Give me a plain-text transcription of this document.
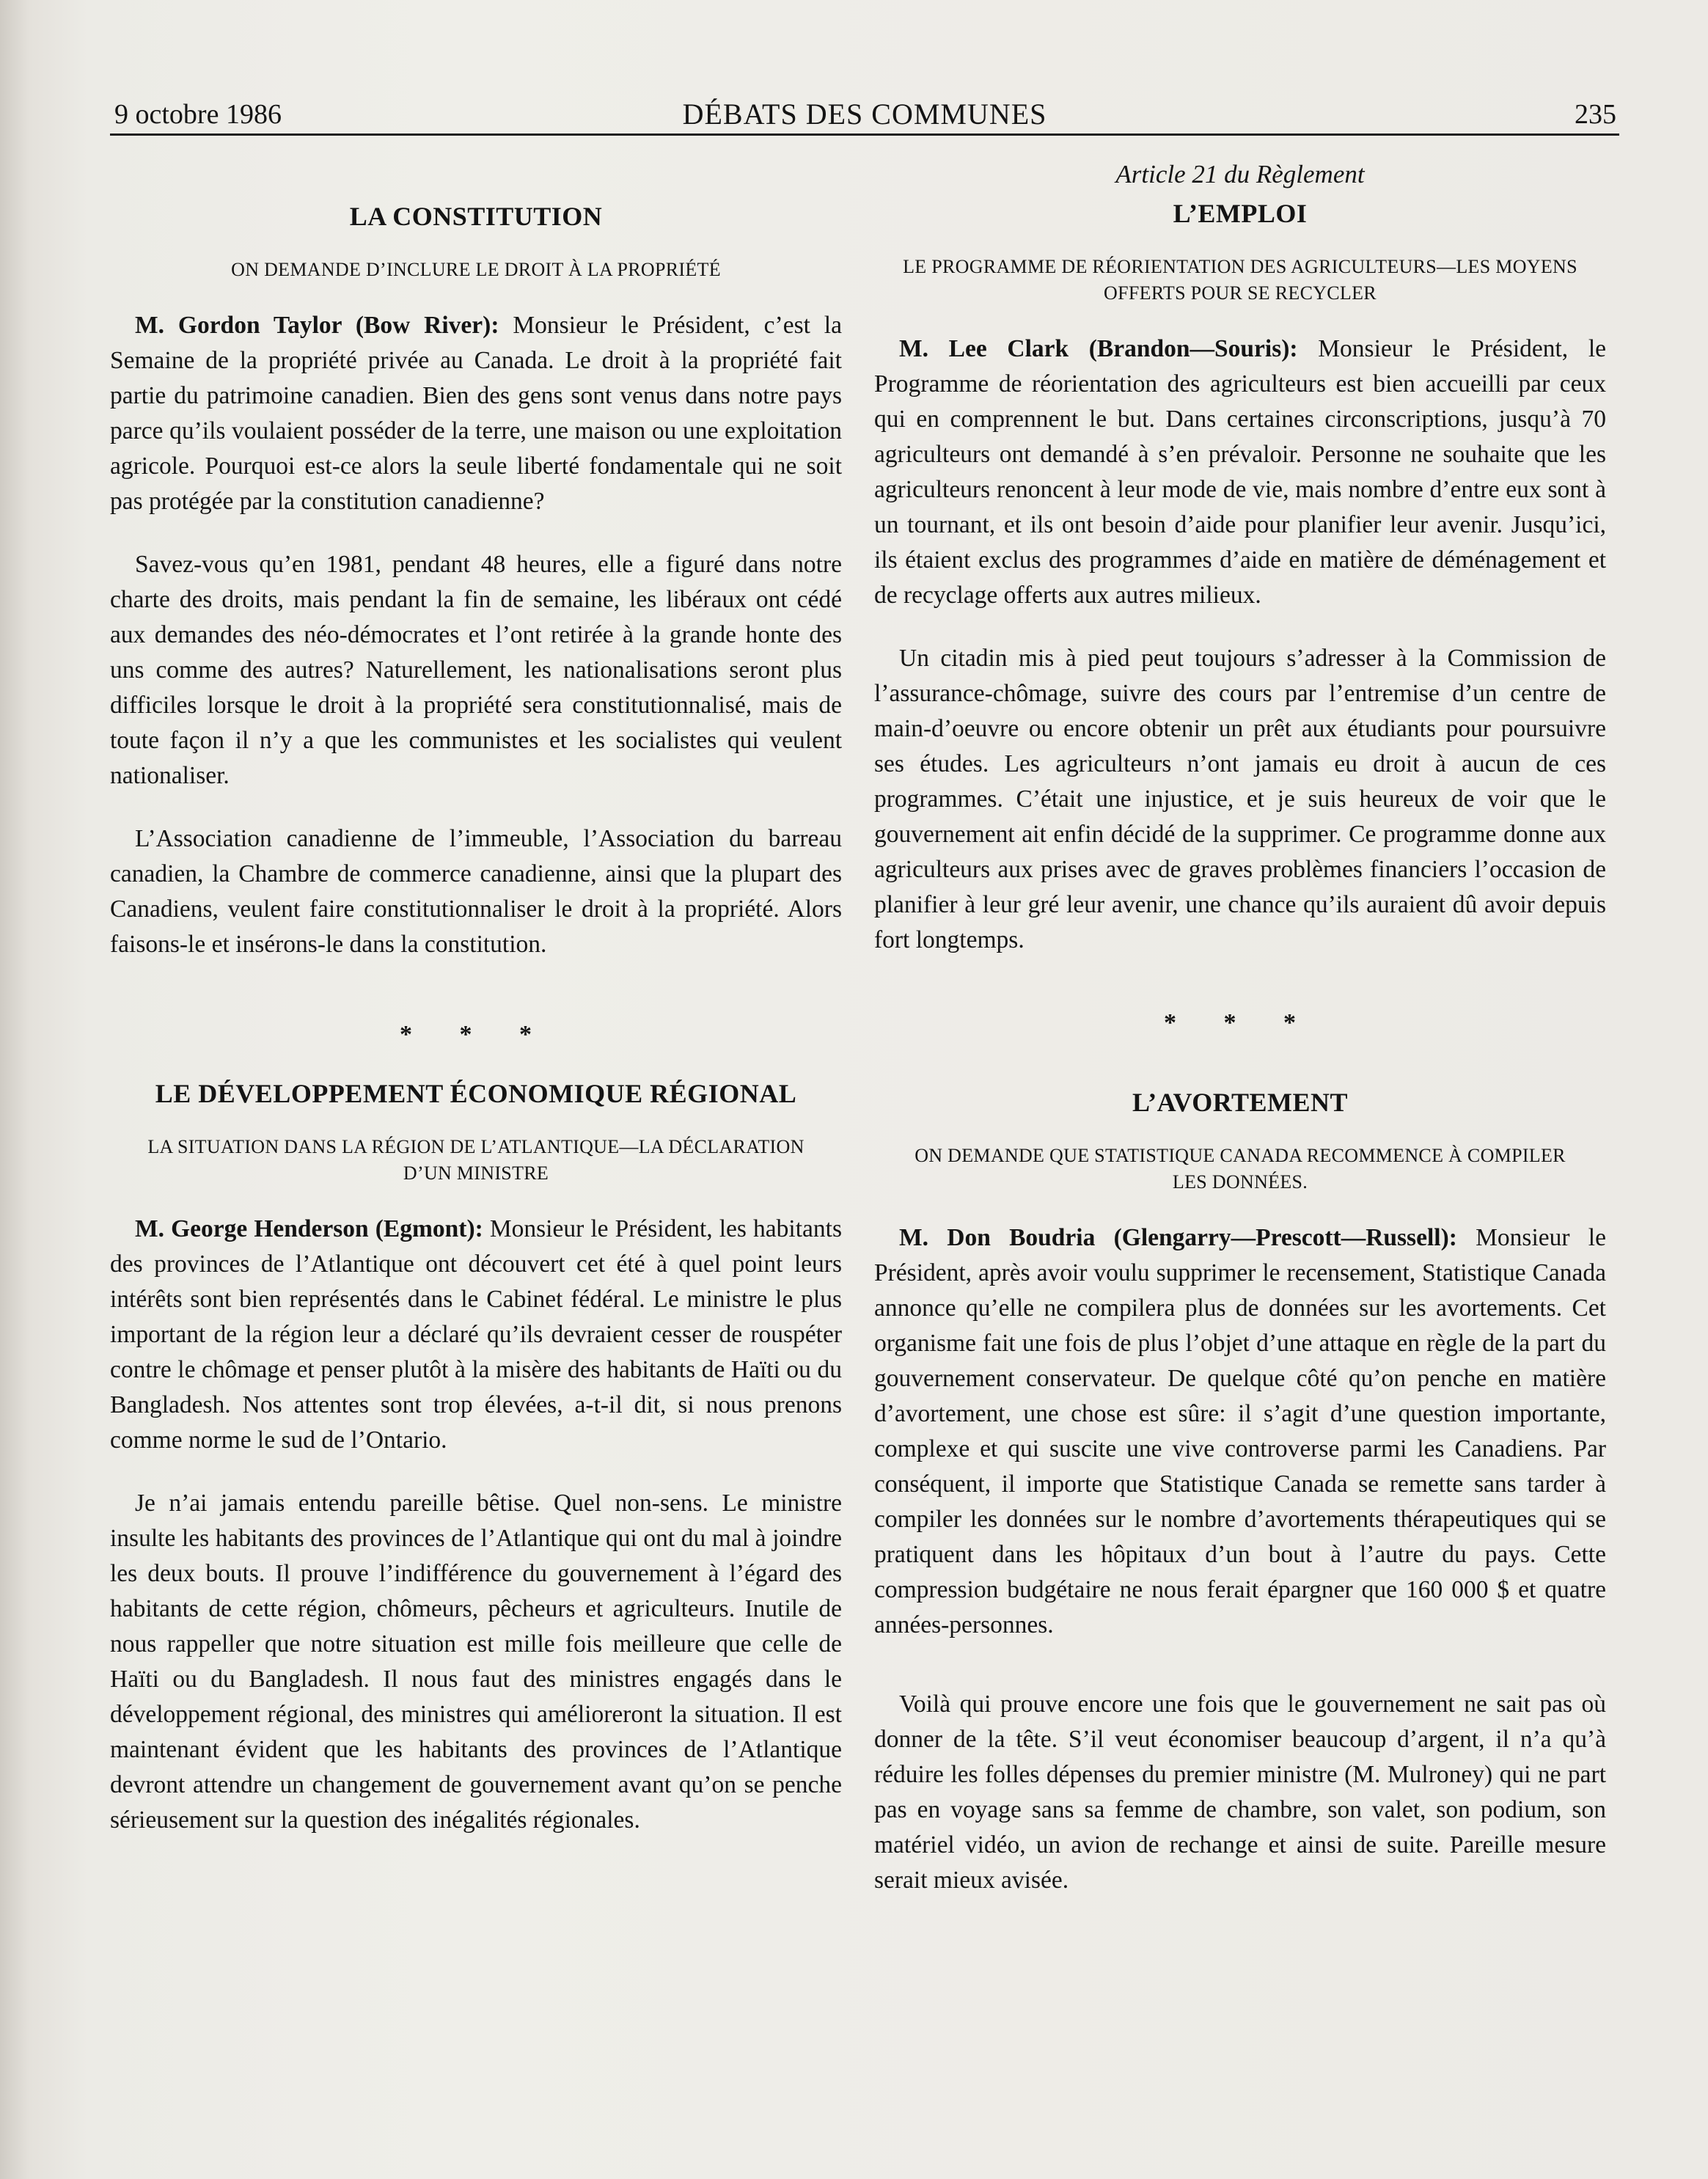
9 octobre 1986	DÉBATS DES COMMUNES	235
LA CONSTITUTION
ON DEMANDE D’INCLURE LE DROIT À LA PROPRIÉTÉ

M. Gordon Taylor (Bow River): Monsieur le Président, c’est la Semaine de la propriété privée au Canada. Le droit à la propriété fait partie du patrimoine canadien. Bien des gens sont venus dans notre pays parce qu’ils voulaient posséder de la terre, une maison ou une exploitation agricole. Pourquoi est-ce alors la seule liberté fondamentale qui ne soit pas protégée par la constitution canadienne?

Savez-vous qu’en 1981, pendant 48 heures, elle a figuré dans notre charte des droits, mais pendant la fin de semaine, les libéraux ont cédé aux demandes des néo-démocrates et l’ont retirée à la grande honte des uns comme des autres? Naturellement, les nationalisations seront plus difficiles lorsque le droit à la propriété sera constitutionnalisé, mais de toute façon il n’y a que les communistes et les socialistes qui veulent nationaliser.

L’Association canadienne de l’immeuble, l’Association du barreau canadien, la Chambre de commerce canadienne, ainsi que la plupart des Canadiens, veulent faire constitutionnaliser le droit à la propriété. Alors faisons-le et insérons-le dans la constitution.

* * *
LE DÉVELOPPEMENT ÉCONOMIQUE RÉGIONAL
LA SITUATION DANS LA RÉGION DE L’ATLANTIQUE—LA DÉCLARATION D’UN MINISTRE

M. George Henderson (Egmont): Monsieur le Président, les habitants des provinces de l’Atlantique ont découvert cet été à quel point leurs intérêts sont bien représentés dans le Cabinet fédéral. Le ministre le plus important de la région leur a déclaré qu’ils devraient cesser de rouspéter contre le chômage et penser plutôt à la misère des habitants de Haïti ou du Bangladesh. Nos attentes sont trop élevées, a-t-il dit, si nous prenons comme norme le sud de l’Ontario.

Je n’ai jamais entendu pareille bêtise. Quel non-sens. Le ministre insulte les habitants des provinces de l’Atlantique qui ont du mal à joindre les deux bouts. Il prouve l’indifférence du gouvernement à l’égard des habitants de cette région, chômeurs, pêcheurs et agriculteurs. Inutile de nous rappeller que notre situation est mille fois meilleure que celle de Haïti ou du Bangladesh. Il nous faut des ministres engagés dans le développement régional, des ministres qui amélioreront la situation. Il est maintenant évident que les habitants des provinces de l’Atlantique devront attendre un changement de gouvernement avant qu’on se penche sérieusement sur la question des inégalités régionales.

Article 21 du Règlement
L’EMPLOI
LE PROGRAMME DE RÉORIENTATION DES AGRICULTEURS—LES MOYENS OFFERTS POUR SE RECYCLER

M. Lee Clark (Brandon—Souris): Monsieur le Président, le Programme de réorientation des agriculteurs est bien accueilli par ceux qui en comprennent le but. Dans certaines circonscriptions, jusqu’à 70 agriculteurs ont demandé à s’en prévaloir. Personne ne souhaite que les agriculteurs renoncent à leur mode de vie, mais nombre d’entre eux sont à un tournant, et ils ont besoin d’aide pour planifier leur avenir. Jusqu’ici, ils étaient exclus des programmes d’aide en matière de déménagement et de recyclage offerts aux autres milieux.

Un citadin mis à pied peut toujours s’adresser à la Commission de l’assurance-chômage, suivre des cours par l’entremise d’un centre de main-d’oeuvre ou encore obtenir un prêt aux étudiants pour poursuivre ses études. Les agriculteurs n’ont jamais eu droit à aucun de ces programmes. C’était une injustice, et je suis heureux de voir que le gouvernement ait enfin décidé de la supprimer. Ce programme donne aux agriculteurs aux prises avec de graves problèmes financiers l’occasion de planifier à leur gré leur avenir, une chance qu’ils auraient dû avoir depuis fort longtemps.

* * *
L’AVORTEMENT
ON DEMANDE QUE STATISTIQUE CANADA RECOMMENCE À COMPILER LES DONNÉES.

M. Don Boudria (Glengarry—Prescott—Russell): Monsieur le Président, après avoir voulu supprimer le recensement, Statistique Canada annonce qu’elle ne compilera plus de données sur les avortements. Cet organisme fait une fois de plus l’objet d’une attaque en règle de la part du gouvernement conservateur. De quelque côté qu’on penche en matière d’avortement, une chose est sûre: il s’agit d’une question importante, complexe et qui suscite une vive controverse parmi les Canadiens. Par conséquent, il importe que Statistique Canada se remette sans tarder à compiler les données sur le nombre d’avortements thérapeutiques qui se pratiquent dans les hôpitaux d’un bout à l’autre du pays. Cette compression budgétaire ne nous ferait épargner que 160 000 $ et quatre années-personnes.

Voilà qui prouve encore une fois que le gouvernement ne sait pas où donner de la tête. S’il veut économiser beaucoup d’argent, il n’a qu’à réduire les folles dépenses du premier ministre (M. Mulroney) qui ne part pas en voyage sans sa femme de chambre, son valet, son podium, son matériel vidéo, un avion de rechange et ainsi de suite. Pareille mesure serait mieux avisée.
